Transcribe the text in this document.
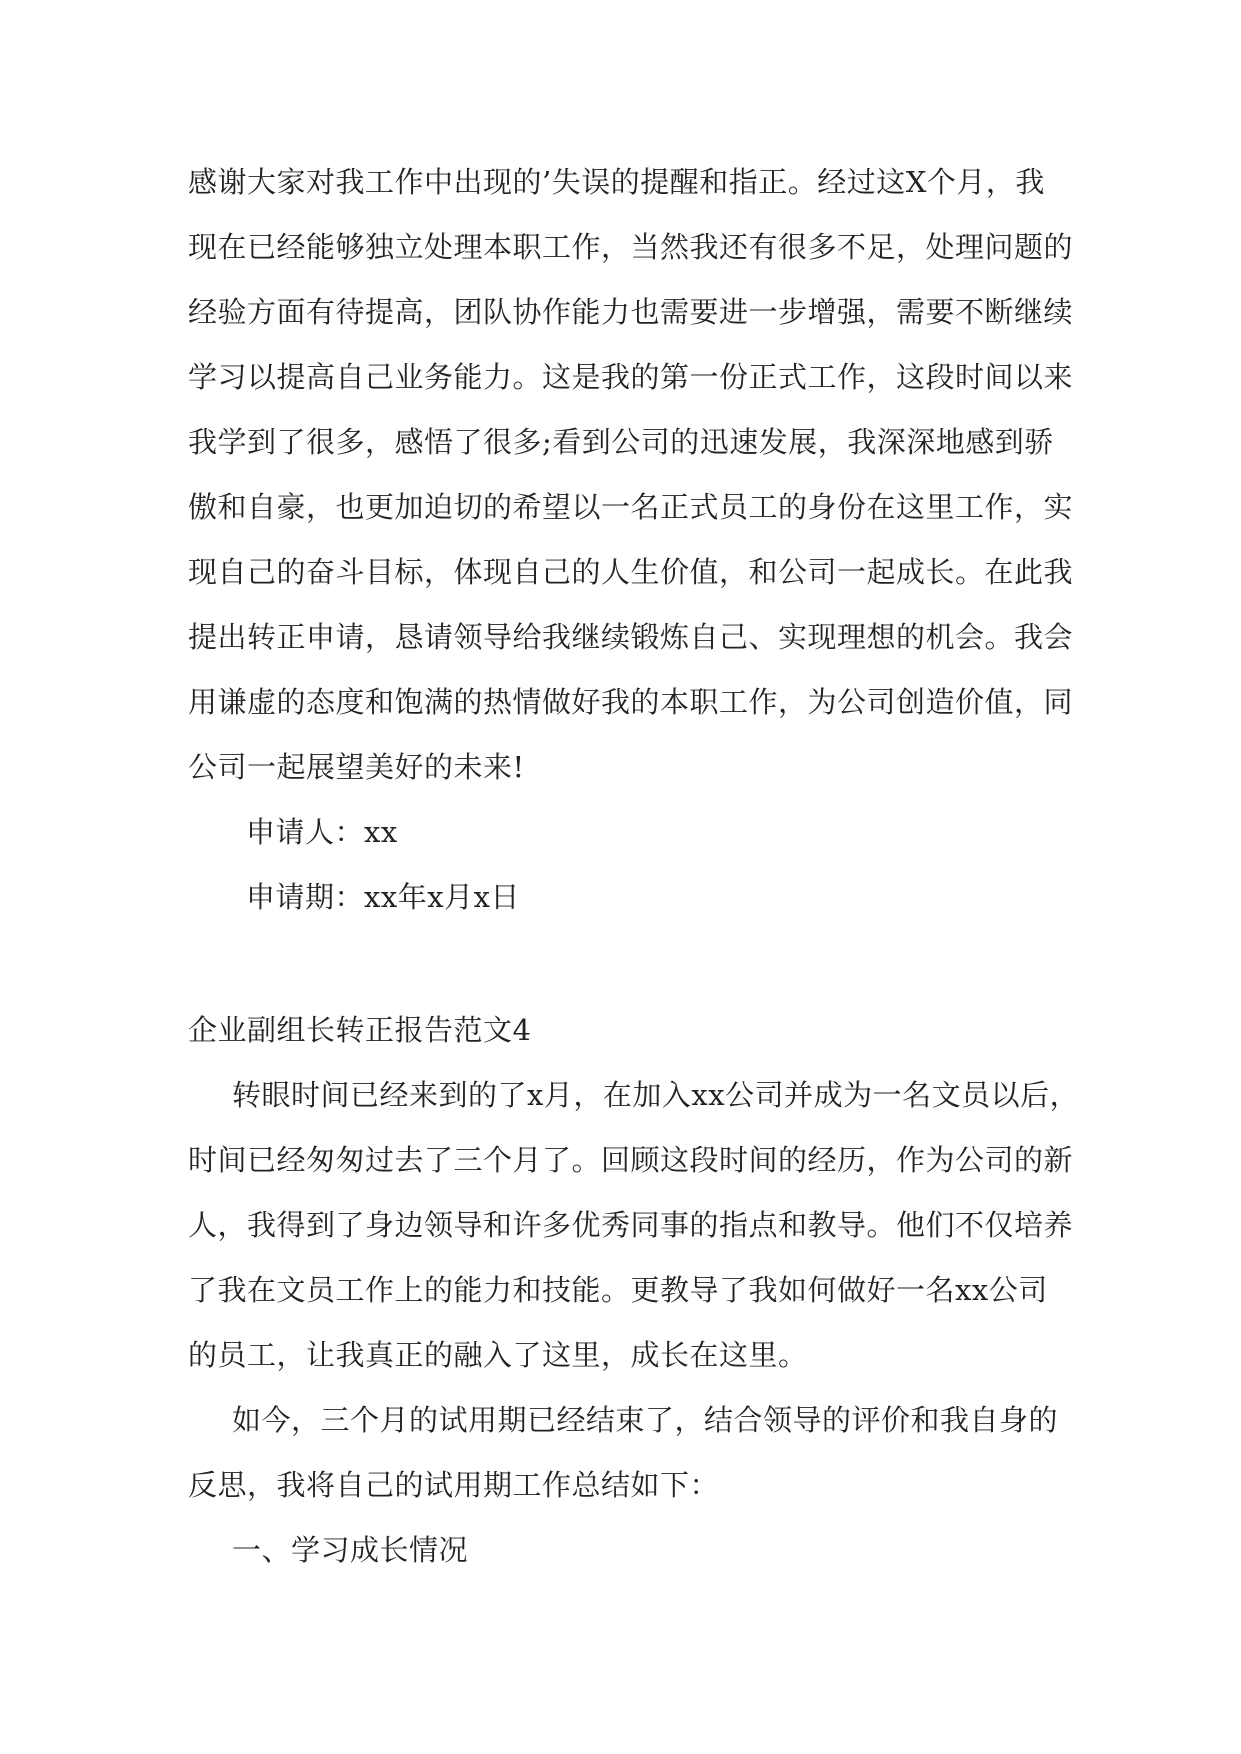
感谢大家对我工作中出现的’失误的提醒和指正。经过这X个月，我
现在已经能够独立处理本职工作，当然我还有很多不足，处理问题的
经验方面有待提高，团队协作能力也需要进一步增强，需要不断继续
学习以提高自己业务能力。这是我的第一份正式工作，这段时间以来
我学到了很多，感悟了很多;看到公司的迅速发展，我深深地感到骄
傲和自豪，也更加迫切的希望以一名正式员工的身份在这里工作，实
现自己的奋斗目标，体现自己的人生价值，和公司一起成长。在此我
提出转正申请，恳请领导给我继续锻炼自己、实现理想的机会。我会
用谦虚的态度和饱满的热情做好我的本职工作，为公司创造价值，同
公司一起展望美好的未来!
申请人：xx
申请期：xx年x月x日
企业副组长转正报告范文4
转眼时间已经来到的了x月，在加入xx公司并成为一名文员以后，
时间已经匆匆过去了三个月了。回顾这段时间的经历，作为公司的新
人，我得到了身边领导和许多优秀同事的指点和教导。他们不仅培养
了我在文员工作上的能力和技能。更教导了我如何做好一名xx公司
的员工，让我真正的融入了这里，成长在这里。
如今，三个月的试用期已经结束了，结合领导的评价和我自身的
反思，我将自己的试用期工作总结如下：
一、学习成长情况
